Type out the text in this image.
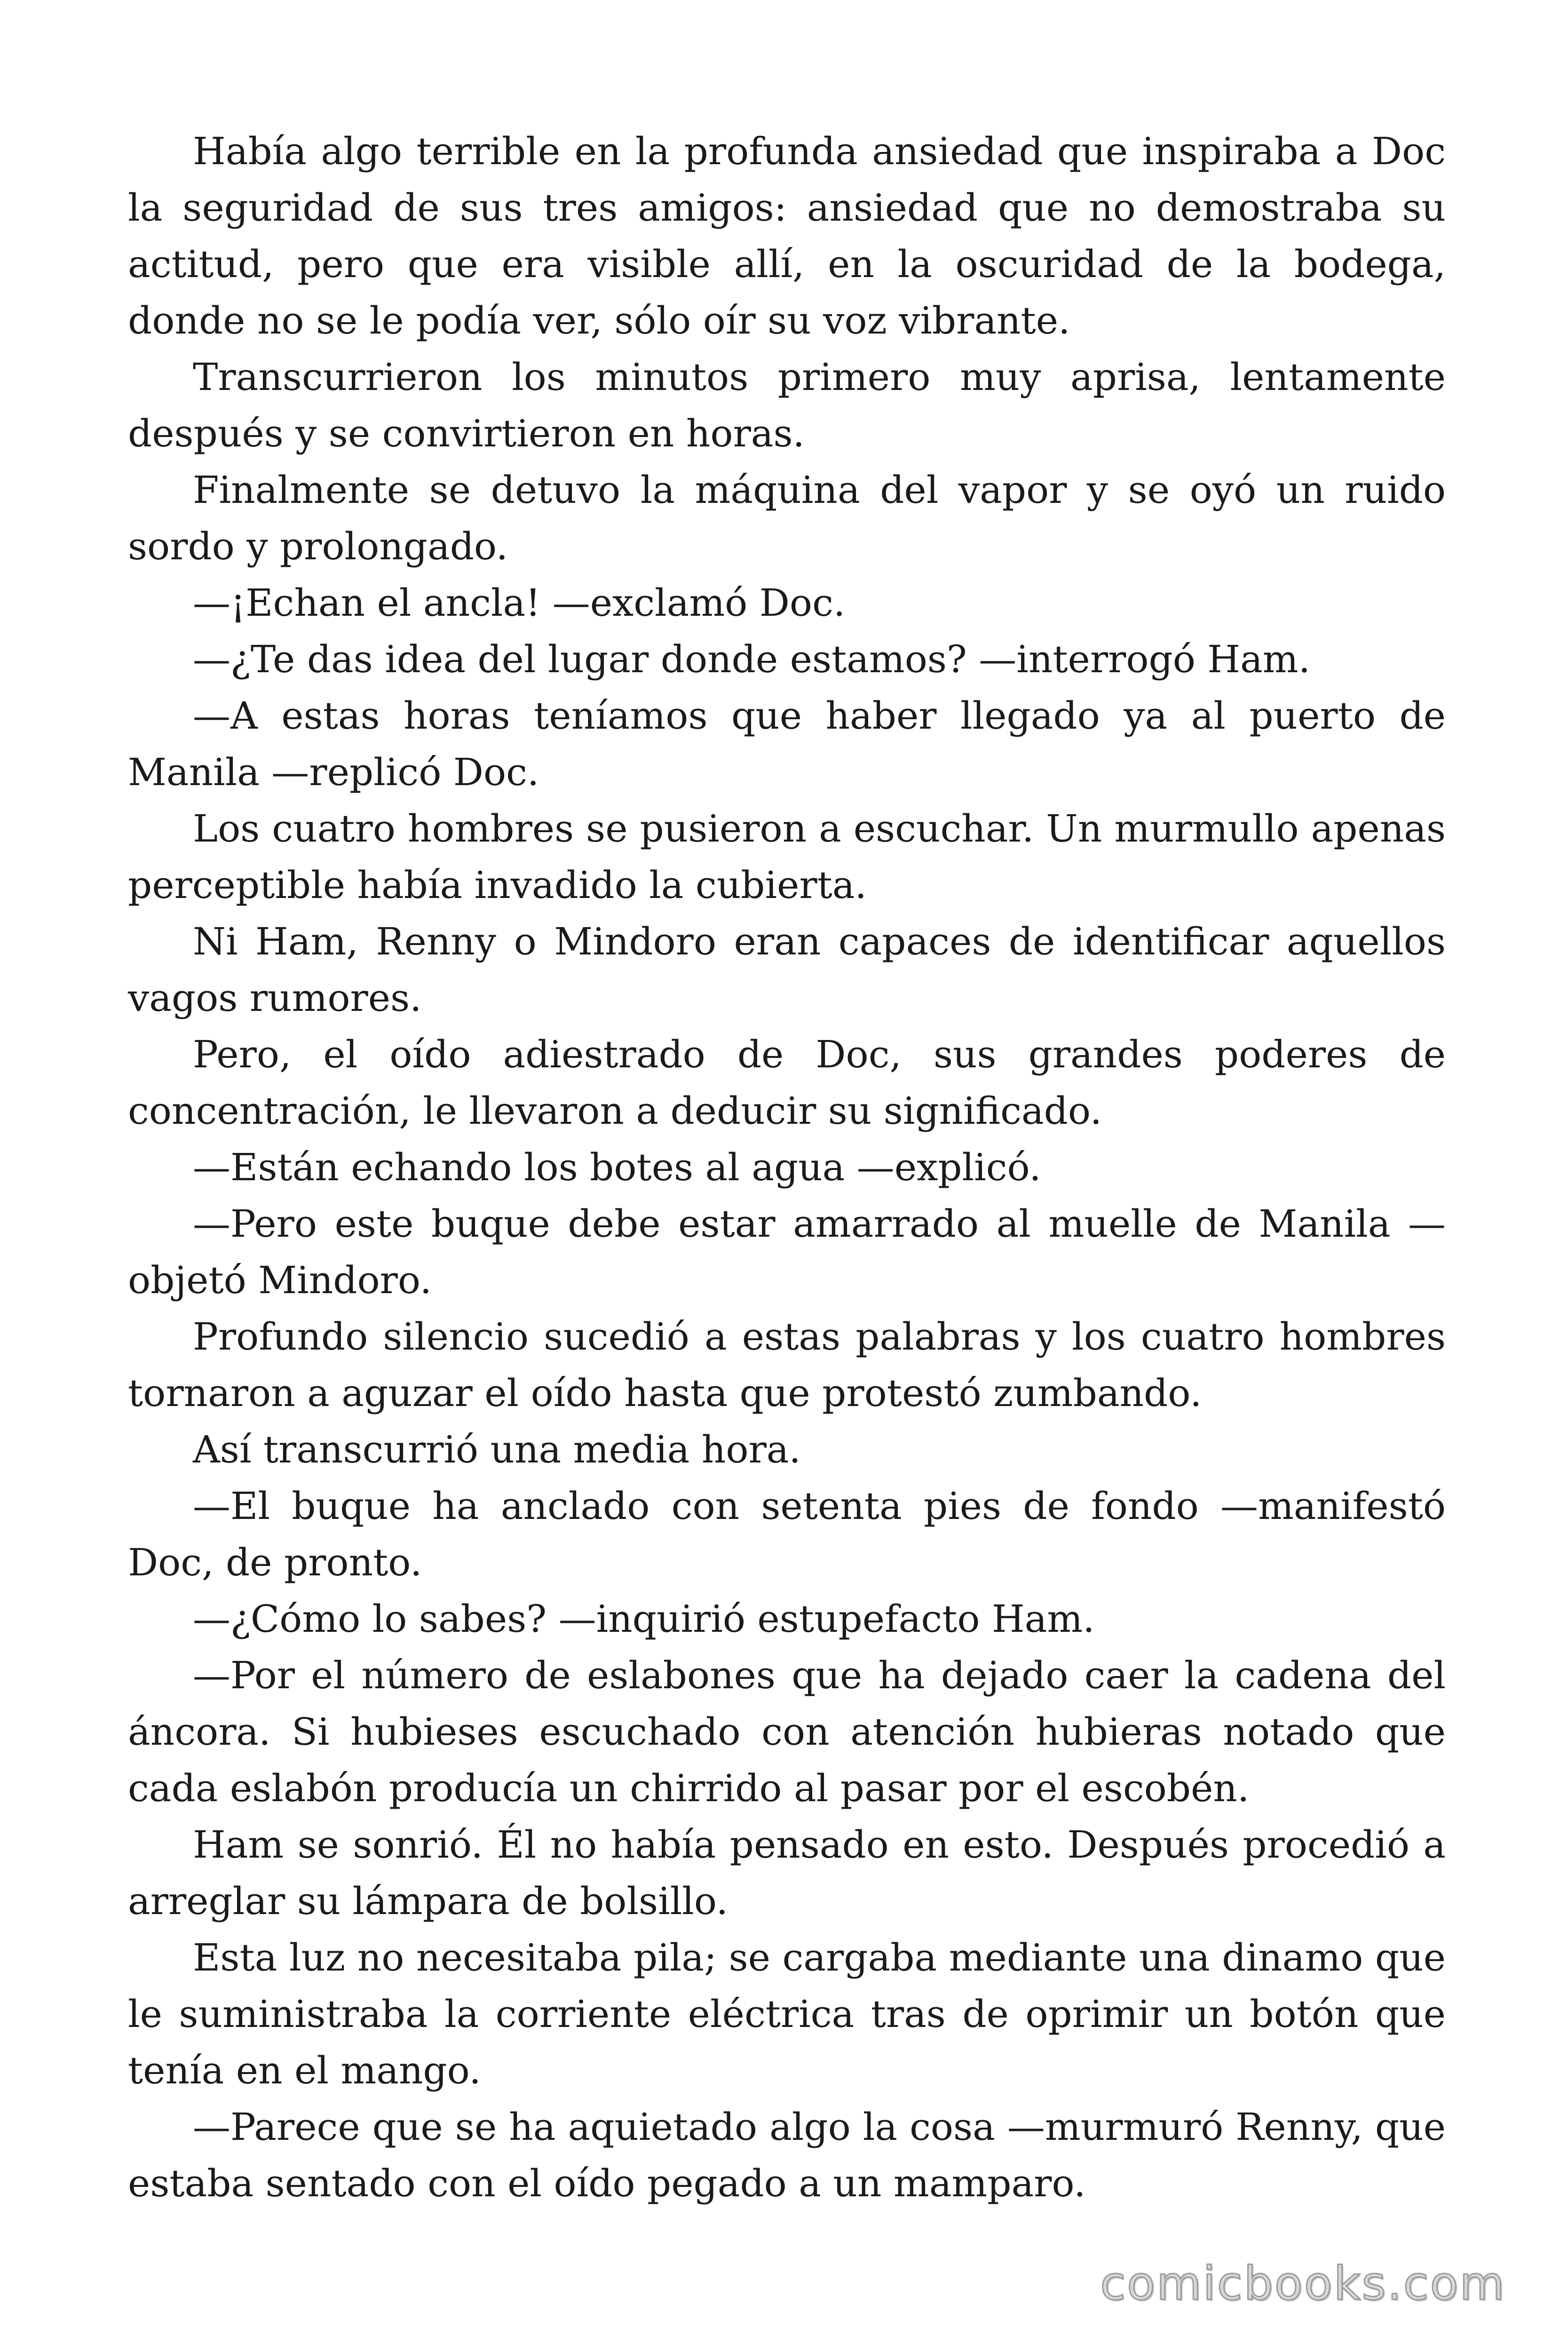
Había algo terrible en la profunda ansiedad que inspiraba a Doc la seguridad de sus tres amigos: ansiedad que no demostraba su actitud, pero que era visible allí, en la oscuridad de la bodega, donde no se le podía ver, sólo oír su voz vibrante.

Transcurrieron los minutos primero muy aprisa, lentamente después y se convirtieron en horas.

Finalmente se detuvo la máquina del vapor y se oyó un ruido sordo y prolongado.

—¡Echan el ancla! —exclamó Doc.

—¿Te das idea del lugar donde estamos? —interrogó Ham.

—A estas horas teníamos que haber llegado ya al puerto de Manila —replicó Doc.

Los cuatro hombres se pusieron a escuchar. Un murmullo apenas perceptible había invadido la cubierta.

Ni Ham, Renny o Mindoro eran capaces de identificar aquellos vagos rumores.

Pero, el oído adiestrado de Doc, sus grandes poderes de concentración, le llevaron a deducir su significado.

—Están echando los botes al agua —explicó.

—Pero este buque debe estar amarrado al muelle de Manila —objetó Mindoro.

Profundo silencio sucedió a estas palabras y los cuatro hombres tornaron a aguzar el oído hasta que protestó zumbando.

Así transcurrió una media hora.

—El buque ha anclado con setenta pies de fondo —manifestó Doc, de pronto.

—¿Cómo lo sabes? —inquirió estupefacto Ham.

—Por el número de eslabones que ha dejado caer la cadena del áncora. Si hubieses escuchado con atención hubieras notado que cada eslabón producía un chirrido al pasar por el escobén.

Ham se sonrió. Él no había pensado en esto. Después procedió a arreglar su lámpara de bolsillo.

Esta luz no necesitaba pila; se cargaba mediante una dinamo que le suministraba la corriente eléctrica tras de oprimir un botón que tenía en el mango.

—Parece que se ha aquietado algo la cosa —murmuró Renny, que estaba sentado con el oído pegado a un mamparo.

comicbooks.com
